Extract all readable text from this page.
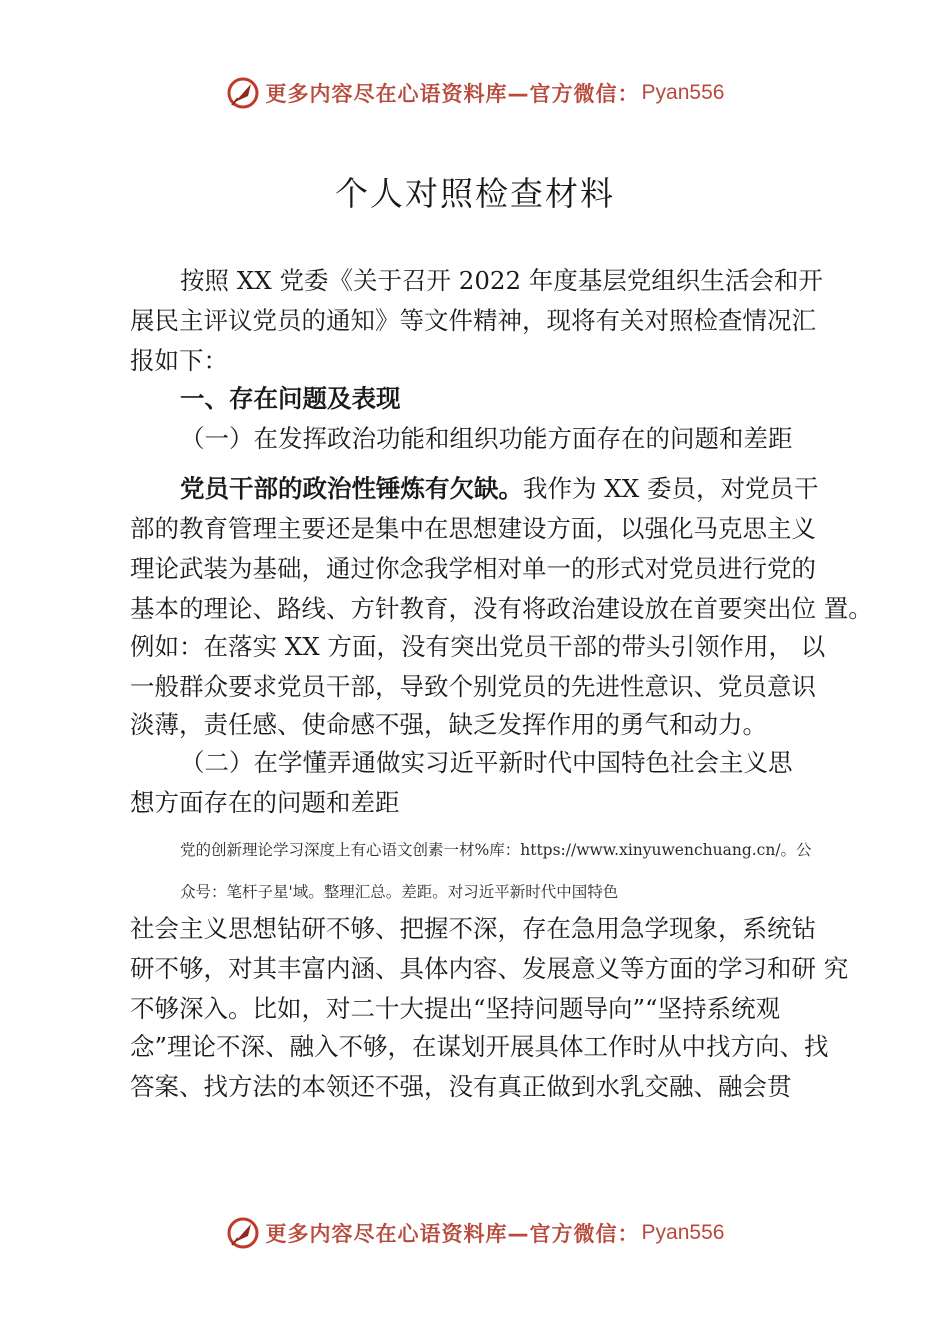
更多内容尽在心语资料库—官方微信： Pyan556
个人对照检查材料
按照 XX 党委《关于召开 2022 年度基层党组织生活会和开
展民主评议党员的通知》等文件精神，现将有关对照检查情况汇
报如下：
一、存在问题及表现
（一）在发挥政治功能和组织功能方面存在的问题和差距
党员干部的政治性锤炼有欠缺。我作为 XX 委员，对党员干
部的教育管理主要还是集中在思想建设方面，以强化马克思主义
理论武装为基础，通过你念我学相对单一的形式对党员进行党的
基本的理论、路线、方针教育，没有将政治建设放在首要突出位 置。
例如：在落实 XX 方面，没有突出党员干部的带头引领作用， 以
一般群众要求党员干部，导致个别党员的先进性意识、党员意识
淡薄，责任感、使命感不强，缺乏发挥作用的勇气和动力。
（二）在学懂弄通做实习近平新时代中国特色社会主义思
想方面存在的问题和差距
党的创新理论学习深度上有心语文创素一材%库：https://www.xinyuwenchuang.cn/。公
众号：笔杆子星'域。整理汇总。差距。对习近平新时代中国特色
社会主义思想钻研不够、把握不深，存在急用急学现象，系统钻
研不够，对其丰富内涵、具体内容、发展意义等方面的学习和研 究
不够深入。比如，对二十大提出“坚持问题导向”“坚持系统观
念”理论不深、融入不够，在谋划开展具体工作时从中找方向、找
答案、找方法的本领还不强，没有真正做到水乳交融、融会贯
更多内容尽在心语资料库—官方微信： Pyan556
